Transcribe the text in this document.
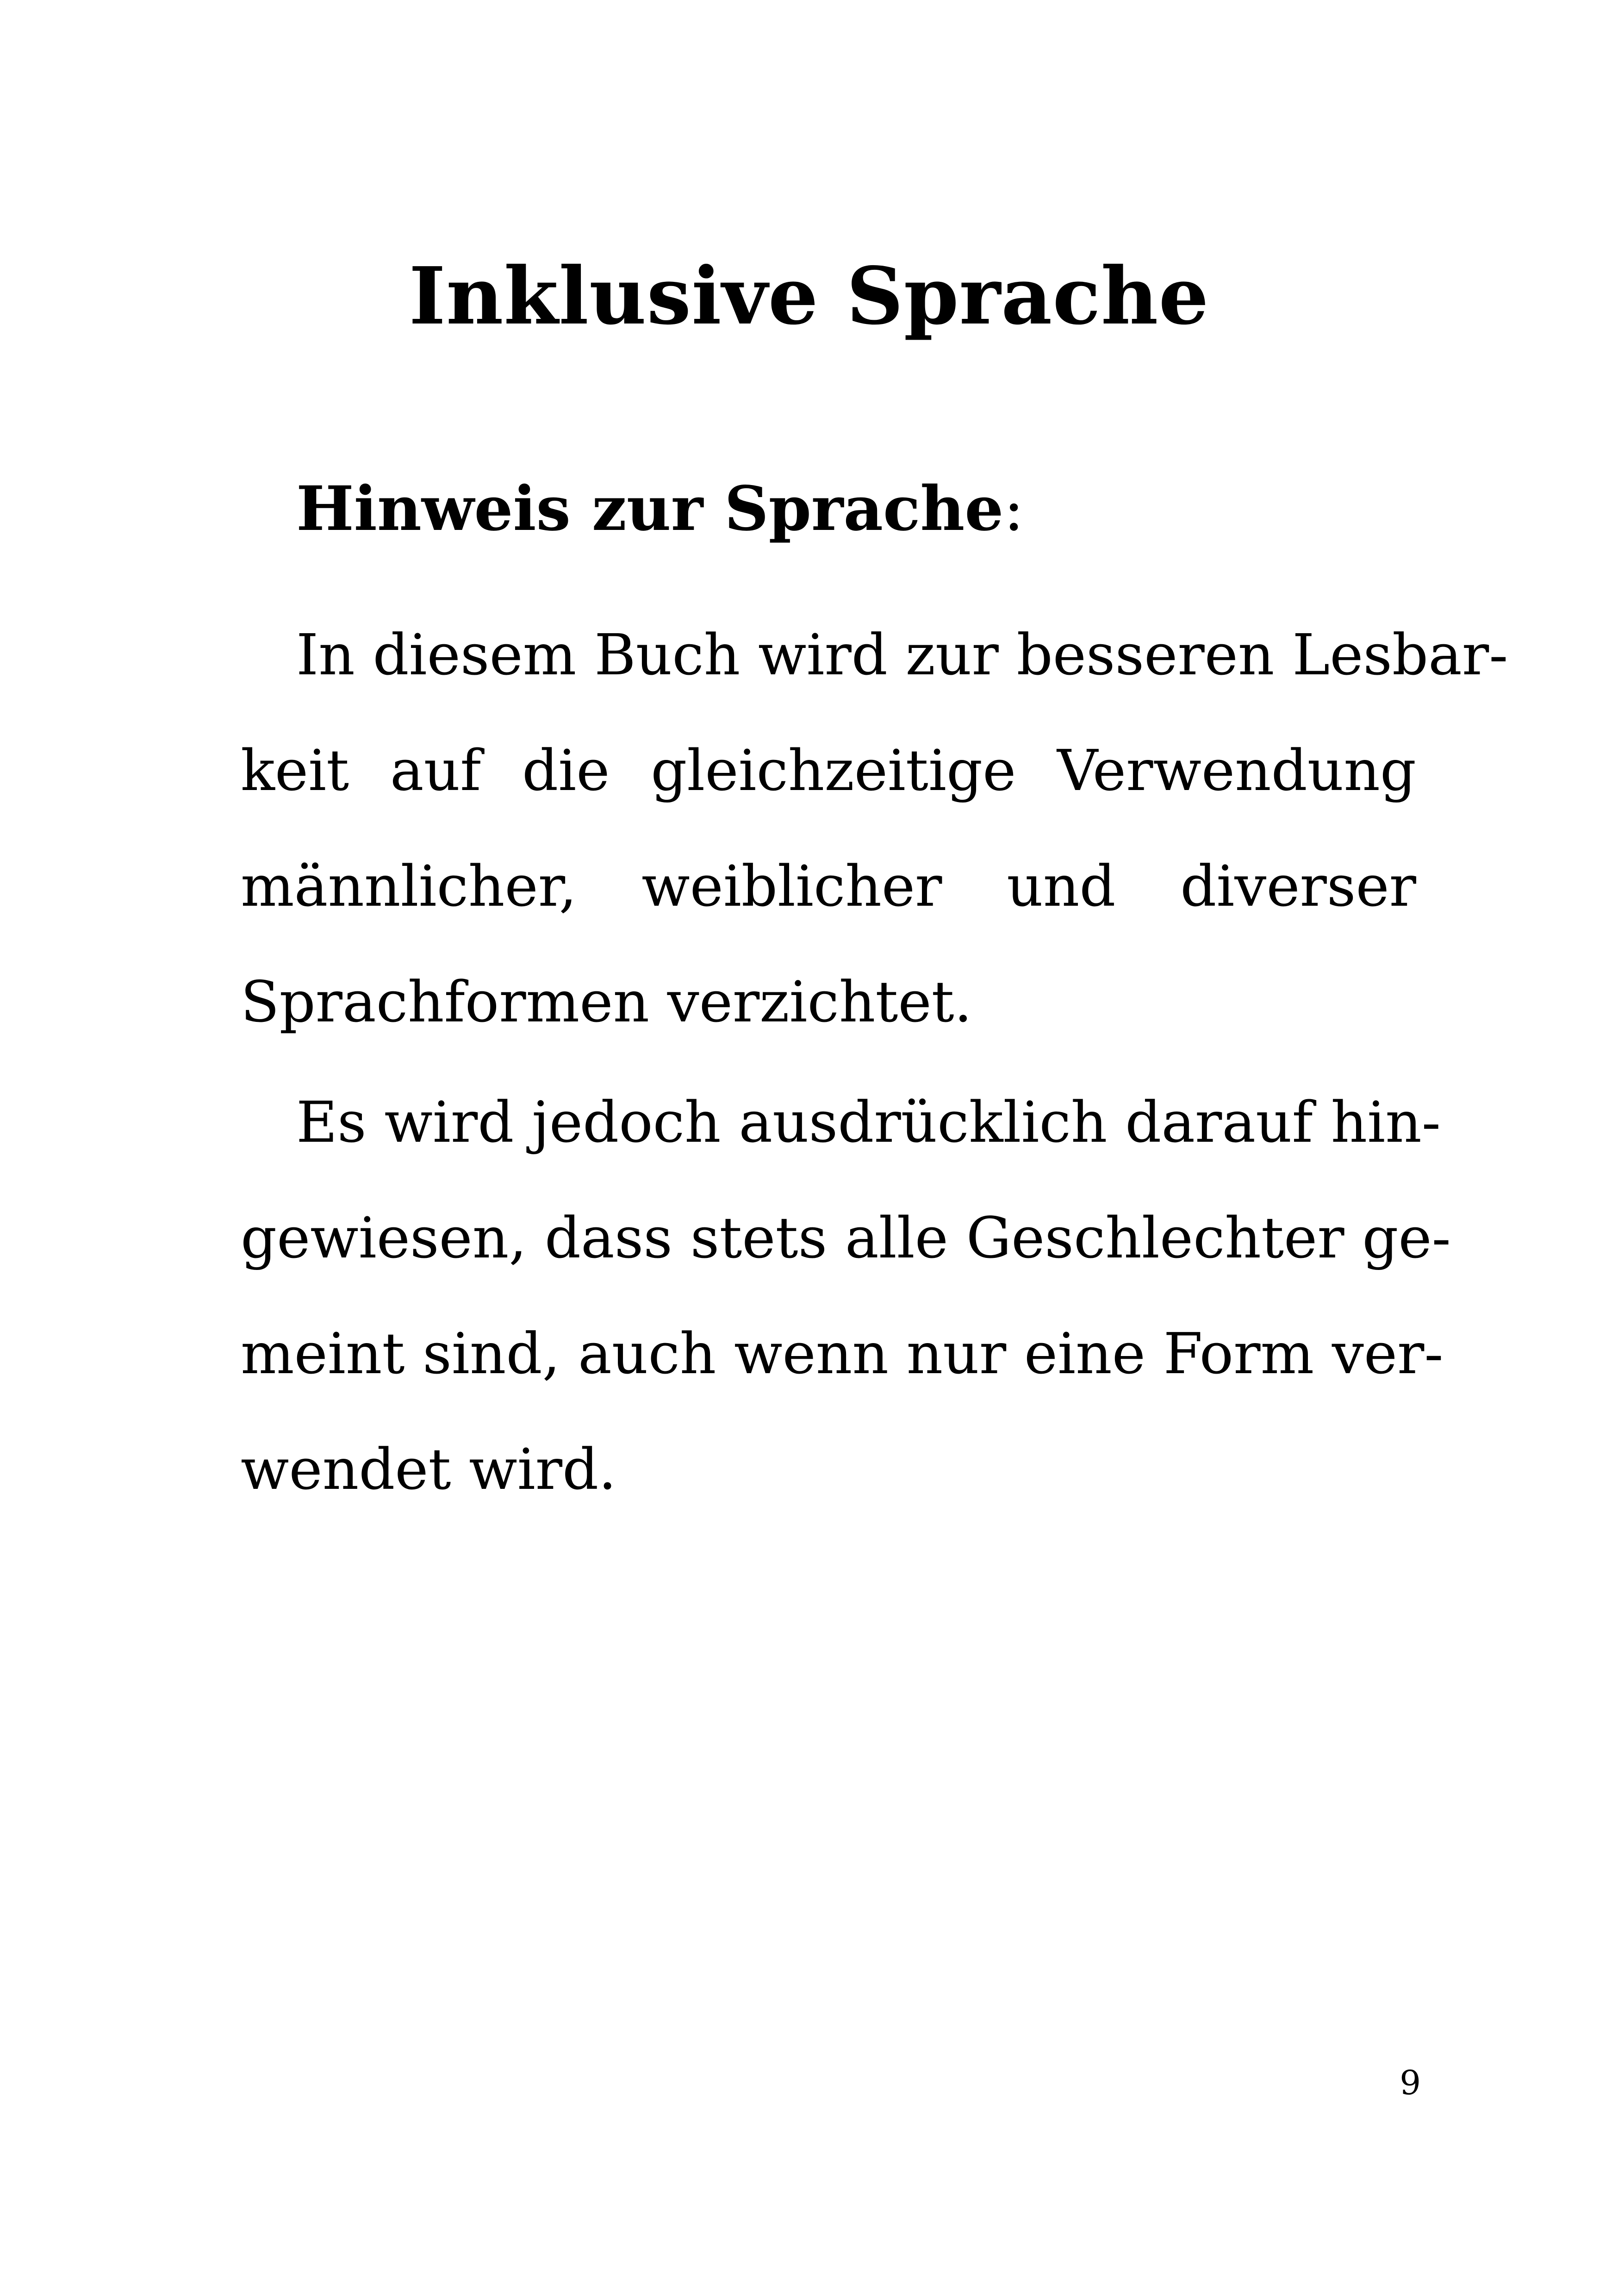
Inklusive Sprache
Hinweis zur Sprache:
In diesem Buch wird zur besseren Lesbar-
keit auf die gleichzeitige Verwendung
männlicher, weiblicher und diverser
Sprachformen verzichtet.
Es wird jedoch ausdrücklich darauf hin-
gewiesen, dass stets alle Geschlechter ge-
meint sind, auch wenn nur eine Form ver-
wendet wird.
9
